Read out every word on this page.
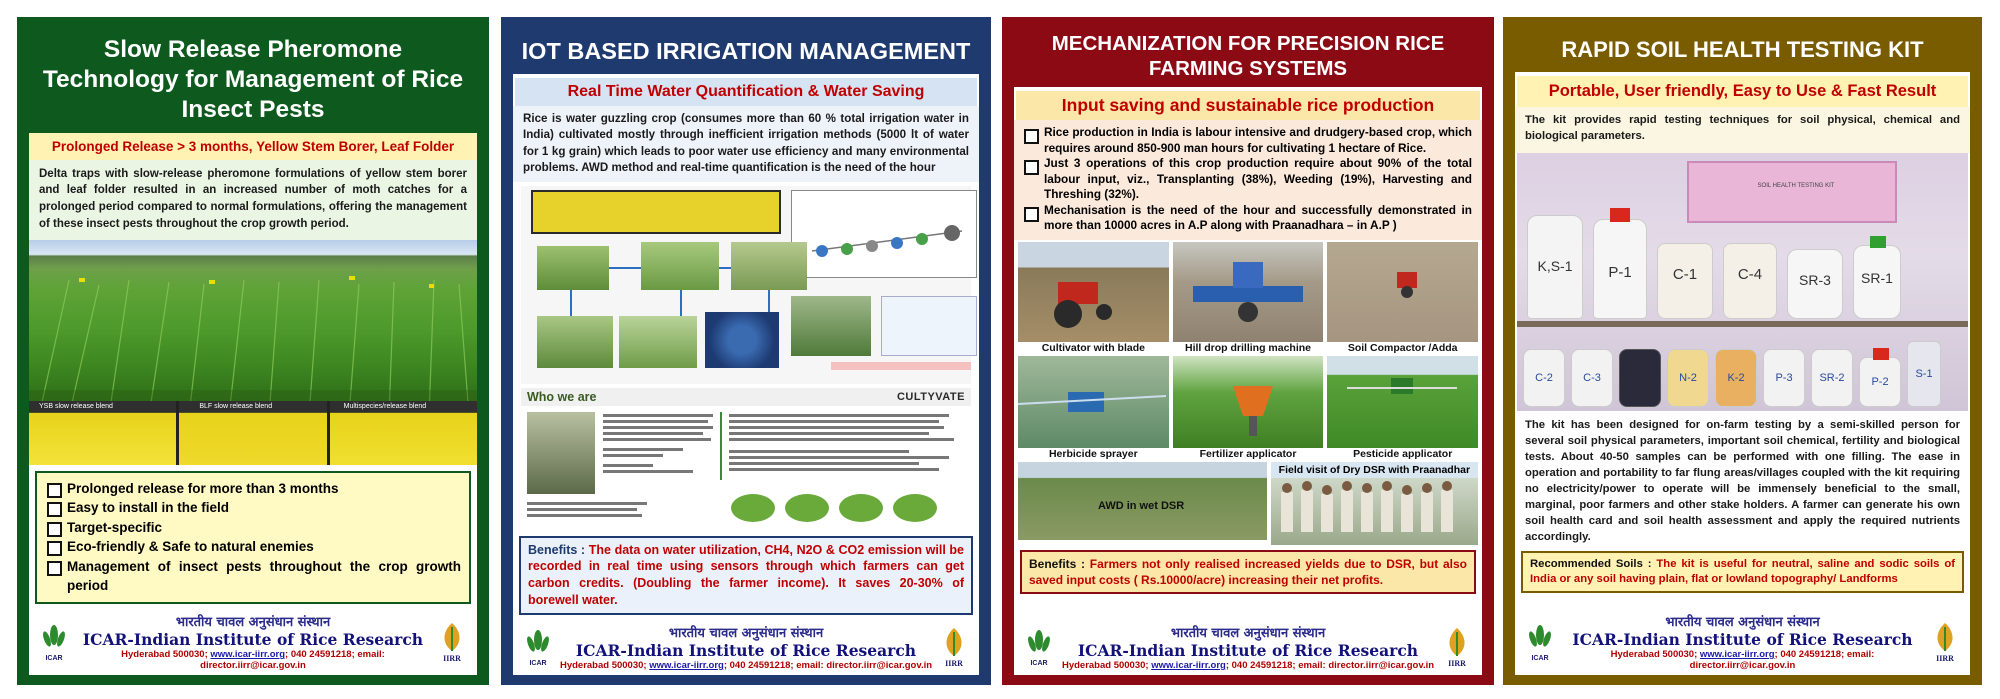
Slow Release Pheromone Technology for Management of Rice Insect Pests
Prolonged Release > 3 months, Yellow Stem Borer, Leaf Folder
Delta traps with slow-release pheromone formulations of yellow stem borer and leaf folder resulted in an increased number of moth catches for a prolonged period compared to normal formulations, offering the management of these insect pests throughout the crop growth period.
YSB slow release blend	BLF slow release blend	Multispecies/release blend
Prolonged release for more than 3 months
Easy to install in the field
Target-specific
Eco-friendly & Safe to natural enemies
Management of insect pests throughout the crop growth period
ICAR
भारतीय चावल अनुसंधान संस्थान
ICAR-Indian Institute of Rice Research
Hyderabad 500030; www.icar-iirr.org; 040 24591218; email: director.iirr@icar.gov.in
IIRR
IOT BASED IRRIGATION MANAGEMENT
Real Time Water Quantification & Water Saving
Rice is water guzzling crop (consumes more than 60 % total irrigation water in India) cultivated mostly through inefficient irrigation methods (5000 lt of water for 1 kg grain) which leads to poor water use efficiency and many environmental problems. AWD method and real-time quantification is the need of the hour
Who we are	CULTYVATE
Benefits : The data on water utilization, CH4, N2O & CO2 emission will be recorded in real time using sensors through which farmers can get carbon credits. (Doubling the farmer income). It saves 20-30% of borewell water.
ICAR
भारतीय चावल अनुसंधान संस्थान
ICAR-Indian Institute of Rice Research
Hyderabad 500030; www.icar-iirr.org; 040 24591218; email: director.iirr@icar.gov.in	IIRR
MECHANIZATION FOR PRECISION RICE FARMING SYSTEMS
Input saving and sustainable rice production
Rice production in India is labour intensive and drudgery-based crop, which requires around 850-900 man hours for cultivating 1 hectare of Rice.
Just 3 operations of this crop production require about 90% of the total labour input, viz., Transplanting (38%), Weeding (19%), Harvesting and Threshing (32%).
Mechanisation is the need of the hour and successfully demonstrated in more than 10000 acres in A.P along with Praanadhara – in A.P )
Cultivator with blade	Hill drop drilling machine	Soil Compactor /Adda
Herbicide sprayer	Fertilizer applicator	Pesticide applicator
AWD in wet DSR
Field visit of Dry DSR with Praanadhar
Benefits : Farmers not only realised increased yields due to DSR, but also saved input costs ( Rs.10000/acre) increasing their net profits.
ICAR
भारतीय चावल अनुसंधान संस्थान
ICAR-Indian Institute of Rice Research
Hyderabad 500030; www.icar-iirr.org; 040 24591218; email: director.iirr@icar.gov.in	IIRR
RAPID SOIL HEALTH TESTING KIT
Portable, User friendly, Easy to Use & Fast Result
The kit provides rapid testing techniques for soil physical, chemical and biological parameters.
SOIL HEALTH TESTING KIT
K,S-1	P-1	C-1	C-4	SR-3	SR-1
C-2	C-3	N-2	K-2	P-3	SR-2	P-2
S-1
The kit has been designed for on-farm testing by a semi-skilled person for several soil physical parameters, important soil chemical, fertility and biological tests. About 40-50 samples can be performed with one filling. The ease in operation and portability to far flung areas/villages coupled with the kit requiring no electricity/power to operate will be immensely beneficial to the small, marginal, poor farmers and other stake holders. A farmer can generate his own soil health card and soil health assessment and apply the required nutrients accordingly.
Recommended Soils : The kit is useful for neutral, saline and sodic soils of India or any soil having plain, flat or lowland topography/ Landforms
ICAR
भारतीय चावल अनुसंधान संस्थान
ICAR-Indian Institute of Rice Research
Hyderabad 500030; www.icar-iirr.org; 040 24591218; email: director.iirr@icar.gov.in
IIRR
